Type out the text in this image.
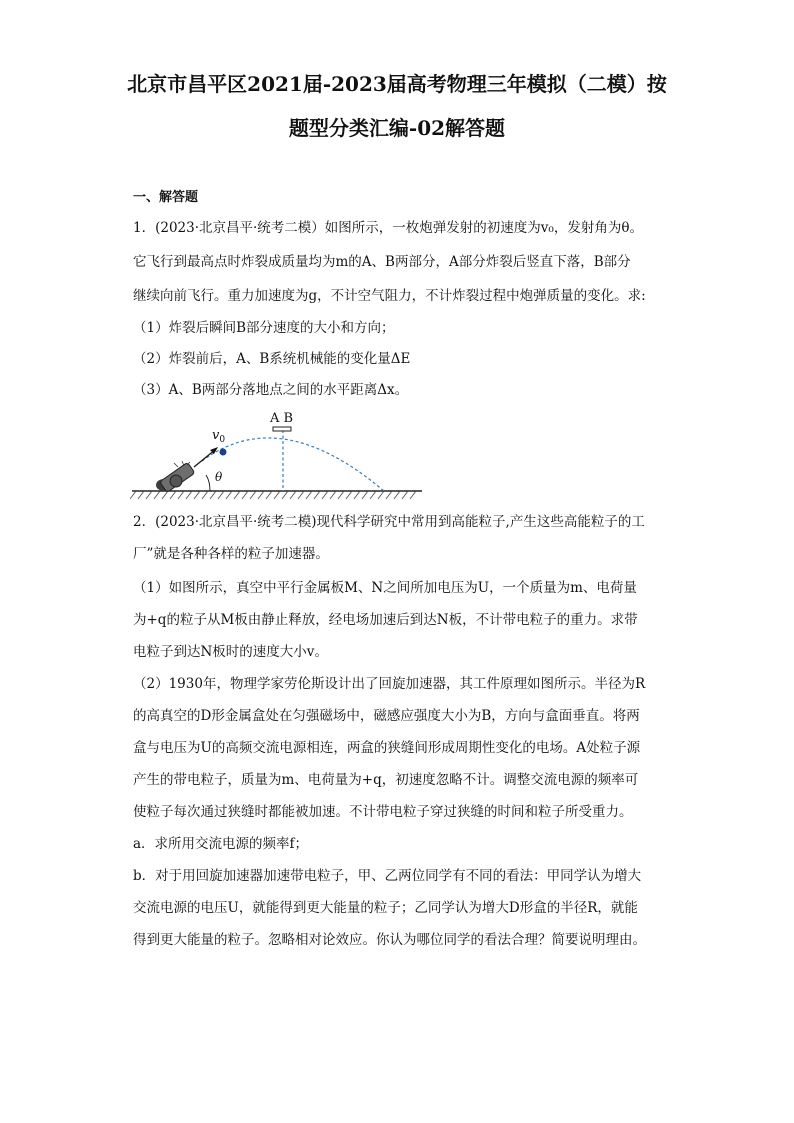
北京市昌平区2021届-2023届高考物理三年模拟（二模）按
题型分类汇编-02解答题
一、解答题
1．(2023·北京昌平·统考二模）如图所示，一枚炮弹发射的初速度为v₀，发射角为θ。
它飞行到最高点时炸裂成质量均为m的A、B两部分，A部分炸裂后竖直下落，B部分
继续向前飞行。重力加速度为g，不计空气阻力，不计炸裂过程中炮弹质量的变化。求:
（1）炸裂后瞬间B部分速度的大小和方向；
（2）炸裂前后，A、B系统机械能的变化量ΔE
（3）A、B两部分落地点之间的水平距离Δx。
A B
$v_0$
θ
2．(2023·北京昌平·统考二模)现代科学研究中常用到高能粒子,产生这些高能粒子的工
厂”就是各种各样的粒子加速器。
（1）如图所示，真空中平行金属板M、N之间所加电压为U，一个质量为m、电荷量
为+q的粒子从M板由静止释放，经电场加速后到达N板，不计带电粒子的重力。求带
电粒子到达N板时的速度大小v。
（2）1930年，物理学家劳伦斯设计出了回旋加速器，其工件原理如图所示。半径为R
的高真空的D形金属盒处在匀强磁场中，磁感应强度大小为B，方向与盒面垂直。将两
盒与电压为U的高频交流电源相连，两盒的狭缝间形成周期性变化的电场。A处粒子源
产生的带电粒子，质量为m、电荷量为+q，初速度忽略不计。调整交流电源的频率可
使粒子每次通过狭缝时都能被加速。不计带电粒子穿过狭缝的时间和粒子所受重力。
a．求所用交流电源的频率f；
b．对于用回旋加速器加速带电粒子，甲、乙两位同学有不同的看法：甲同学认为增大
交流电源的电压U，就能得到更大能量的粒子；乙同学认为增大D形盒的半径R，就能
得到更大能量的粒子。忽略相对论效应。你认为哪位同学的看法合理？简要说明理由。
